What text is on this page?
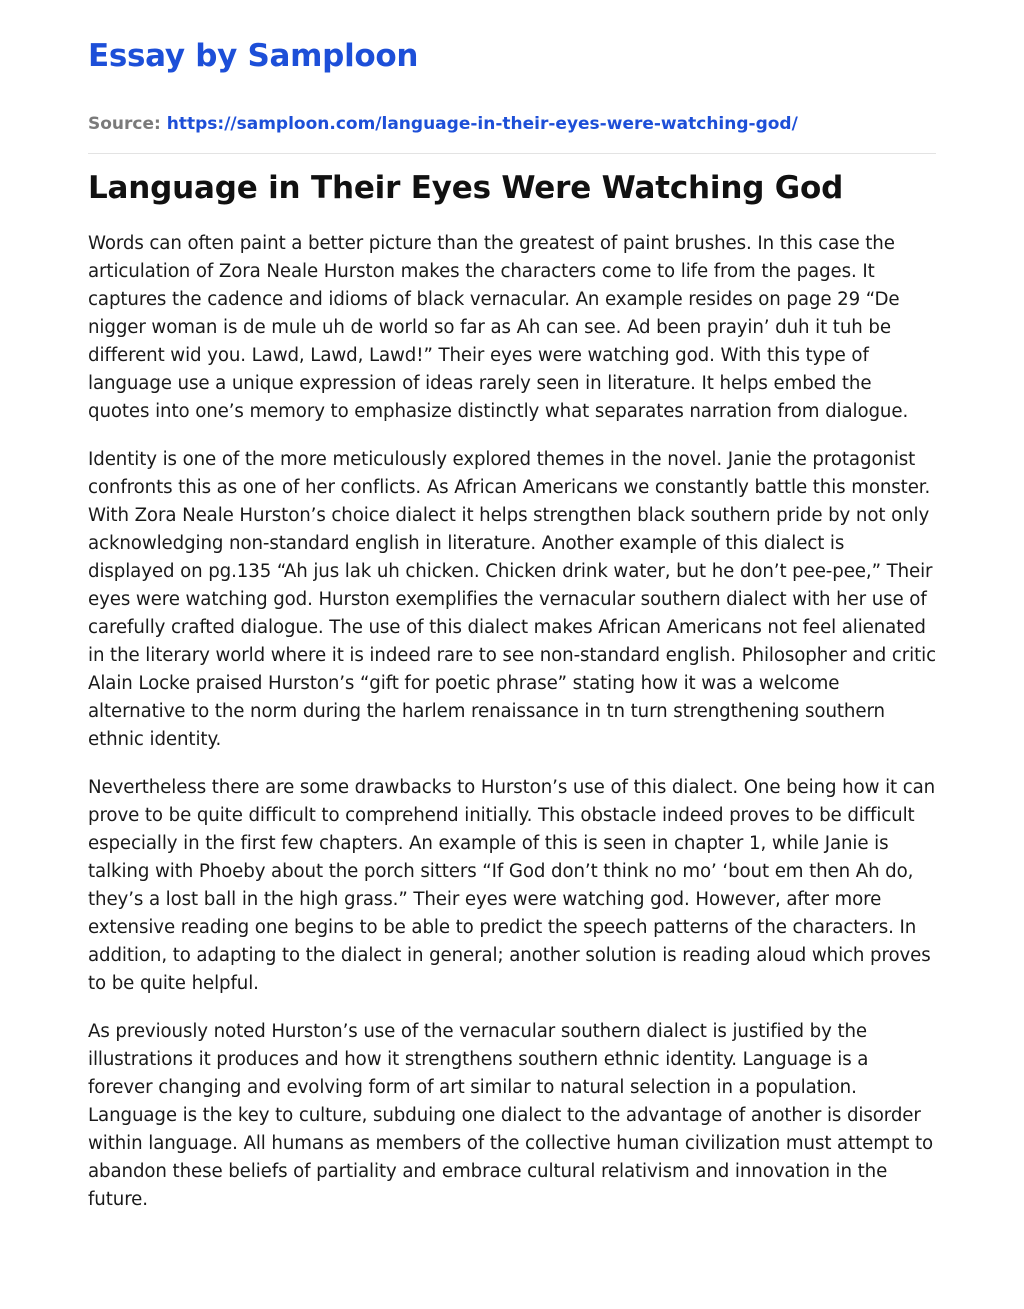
Essay by Samploon
Source: https://samploon.com/language-in-their-eyes-were-watching-god/
Language in Their Eyes Were Watching God

Words can often paint a better picture than the greatest of paint brushes. In this case the articulation of Zora Neale Hurston makes the characters come to life from the pages. It captures the cadence and idioms of black vernacular. An example resides on page 29 “De nigger woman is de mule uh de world so far as Ah can see. Ad been prayin’ duh it tuh be different wid you. Lawd, Lawd, Lawd!” Their eyes were watching god. With this type of language use a unique expression of ideas rarely seen in literature. It helps embed the quotes into one’s memory to emphasize distinctly what separates narration from dialogue.

Identity is one of the more meticulously explored themes in the novel. Janie the protagonist confronts this as one of her conflicts. As African Americans we constantly battle this monster. With Zora Neale Hurston’s choice dialect it helps strengthen black southern pride by not only acknowledging non-standard english in literature. Another example of this dialect is displayed on pg.135 “Ah jus lak uh chicken. Chicken drink water, but he don’t pee-pee,” Their eyes were watching god. Hurston exemplifies the vernacular southern dialect with her use of carefully crafted dialogue. The use of this dialect makes African Americans not feel alienated in the literary world where it is indeed rare to see non-standard english. Philosopher and critic Alain Locke praised Hurston’s “gift for poetic phrase” stating how it was a welcome alternative to the norm during the harlem renaissance in tn turn strengthening southern ethnic identity.

Nevertheless there are some drawbacks to Hurston’s use of this dialect. One being how it can prove to be quite difficult to comprehend initially. This obstacle indeed proves to be difficult especially in the first few chapters. An example of this is seen in chapter 1, while Janie is talking with Phoeby about the porch sitters “If God don’t think no mo’ ‘bout em then Ah do, they’s a lost ball in the high grass.” Their eyes were watching god. However, after more extensive reading one begins to be able to predict the speech patterns of the characters. In addition, to adapting to the dialect in general; another solution is reading aloud which proves to be quite helpful.

As previously noted Hurston’s use of the vernacular southern dialect is justified by the illustrations it produces and how it strengthens southern ethnic identity. Language is a forever changing and evolving form of art similar to natural selection in a population. Language is the key to culture, subduing one dialect to the advantage of another is disorder within language. All humans as members of the collective human civilization must attempt to abandon these beliefs of partiality and embrace cultural relativism and innovation in the future.
